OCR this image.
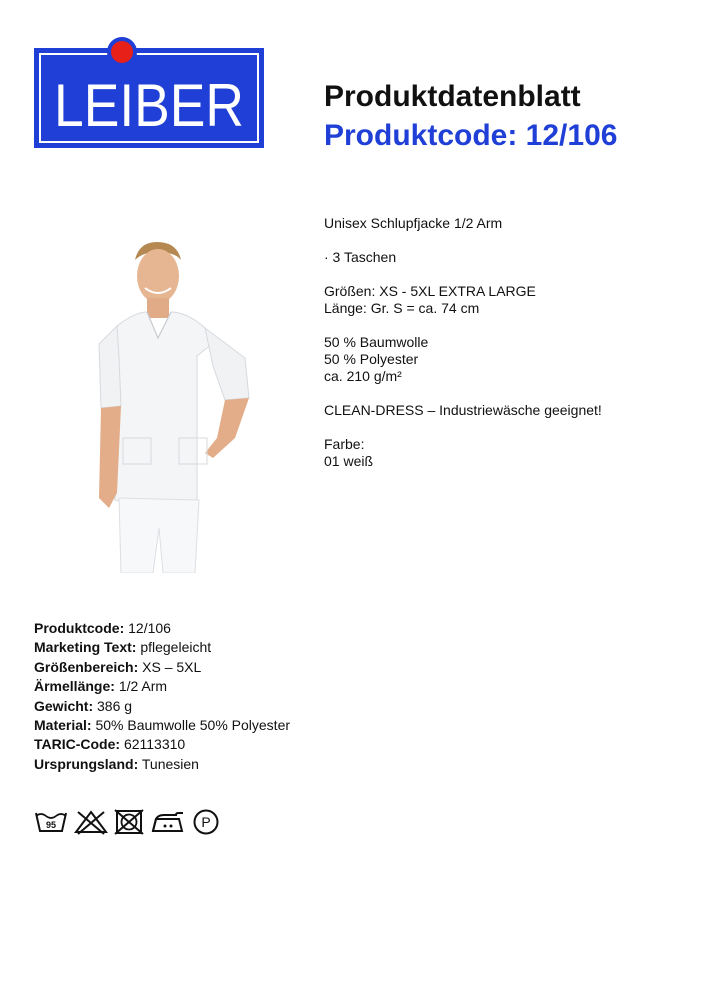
LEIBER	Produktdatenblatt
Produktcode: 12/106
Unisex Schlupfjacke 1/2 Arm
· 3 Taschen
Größen: XS - 5XL EXTRA LARGE
Länge: Gr. S = ca. 74 cm
50 % Baumwolle
50 % Polyester
ca. 210 g/m²
CLEAN-DRESS – Industriewäsche geeignet!
Farbe:
01 weiß
Produktcode: 12/106
Marketing Text: pflegeleicht
Größenbereich: XS – 5XL
Ärmellänge: 1/2 Arm
Gewicht: 386 g
Material: 50% Baumwolle 50% Polyester
TARIC-Code: 62113310
Ursprungsland: Tunesien
95	P
